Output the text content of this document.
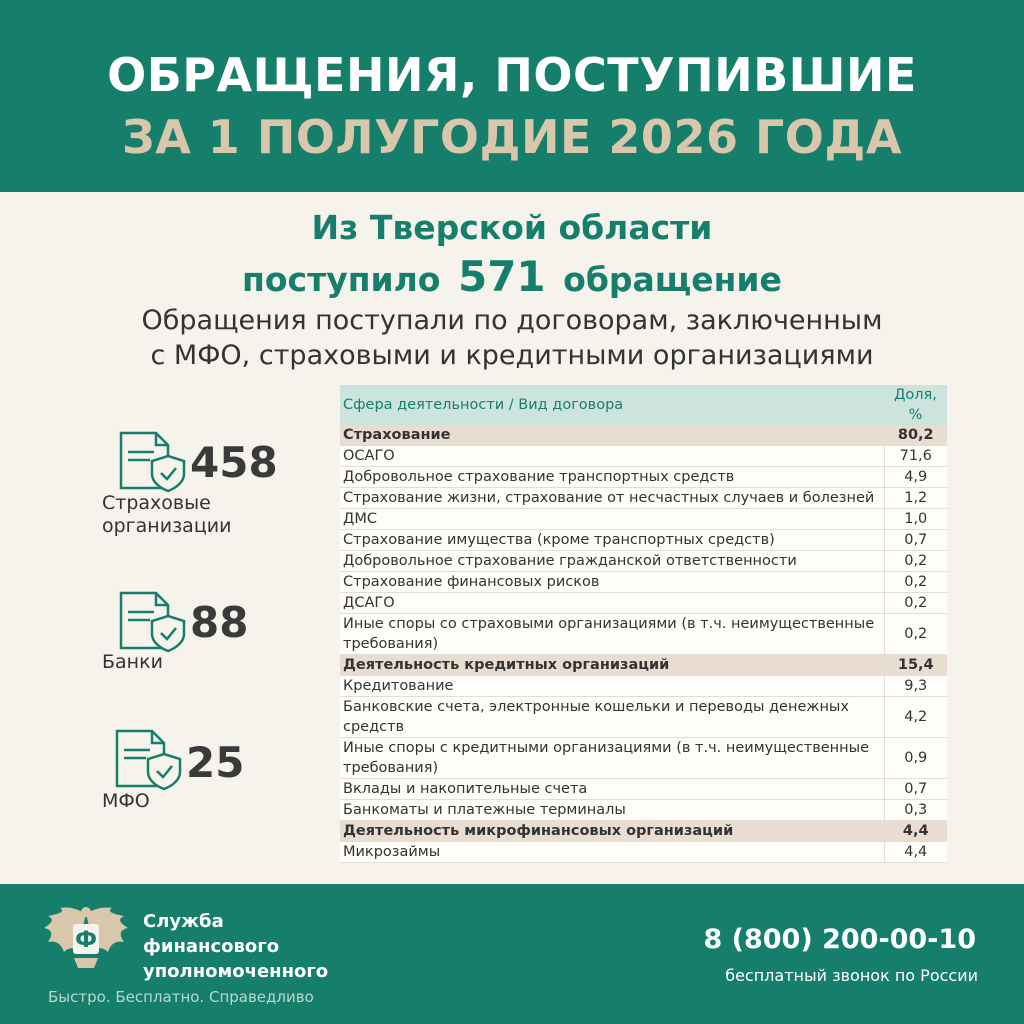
ОБРАЩЕНИЯ, ПОСТУПИВШИЕ
ЗА 1 ПОЛУГОДИЕ 2026 ГОДА
Из Тверской области
поступило 571 обращение
Обращения поступали по договорам, заключенным
с МФО, страховыми и кредитными организациями
458
Страховые
организации
88
Банки
25
МФО
Сфера деятельности / Вид договора	Доля, %
Страхование	80,2
ОСАГО	71,6
Добровольное страхование транспортных средств	4,9
Страхование жизни, страхование от несчастных случаев и болезней	1,2
ДМС	1,0
Страхование имущества (кроме транспортных средств)	0,7
Добровольное страхование гражданской ответственности	0,2
Страхование финансовых рисков	0,2
ДСАГО	0,2
Иные споры со страховыми организациями (в т.ч. неимущественные требования)	0,2
Деятельность кредитных организаций	15,4
Кредитование	9,3
Банковские счета, электронные кошельки и переводы денежных средств	4,2
Иные споры с кредитными организациями (в т.ч. неимущественные требования)	0,9
Вклады и накопительные счета	0,7
Банкоматы и платежные терминалы	0,3
Деятельность микрофинансовых организаций	4,4
Микрозаймы	4,4
Ф
Служба
финансового
уполномоченного
Быстро. Бесплатно. Справедливо
8 (800) 200-00-10
бесплатный звонок по России
